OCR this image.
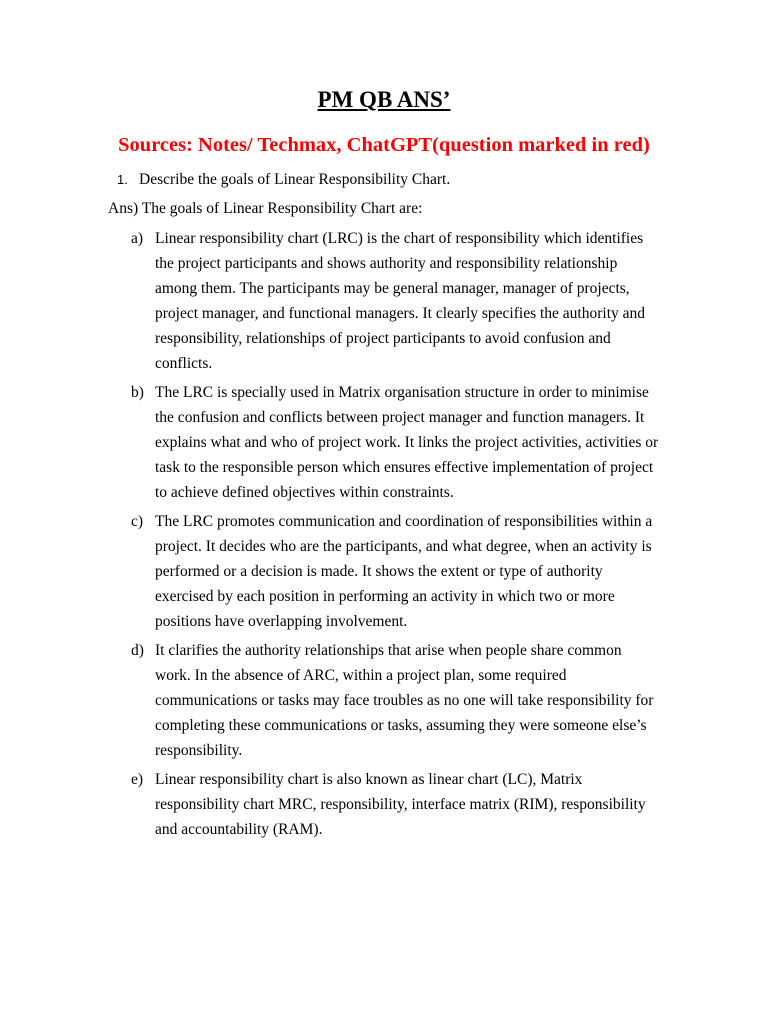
PM QB ANS’
Sources: Notes/ Techmax, ChatGPT(question marked in red)
1. Describe the goals of Linear Responsibility Chart.
Ans) The goals of Linear Responsibility Chart are:
a) Linear responsibility chart (LRC) is the chart of responsibility which identifies
the project participants and shows authority and responsibility relationship
among them. The participants may be general manager, manager of projects,
project manager, and functional managers. It clearly specifies the authority and
responsibility, relationships of project participants to avoid confusion and
conflicts.
b) The LRC is specially used in Matrix organisation structure in order to minimise
the confusion and conflicts between project manager and function managers. It
explains what and who of project work. It links the project activities, activities or
task to the responsible person which ensures effective implementation of project
to achieve defined objectives within constraints.
c) The LRC promotes communication and coordination of responsibilities within a
project. It decides who are the participants, and what degree, when an activity is
performed or a decision is made. It shows the extent or type of authority
exercised by each position in performing an activity in which two or more
positions have overlapping involvement.
d) It clarifies the authority relationships that arise when people share common
work. In the absence of ARC, within a project plan, some required
communications or tasks may face troubles as no one will take responsibility for
completing these communications or tasks, assuming they were someone else’s
responsibility.
e) Linear responsibility chart is also known as linear chart (LC), Matrix
responsibility chart MRC, responsibility, interface matrix (RIM), responsibility
and accountability (RAM).
